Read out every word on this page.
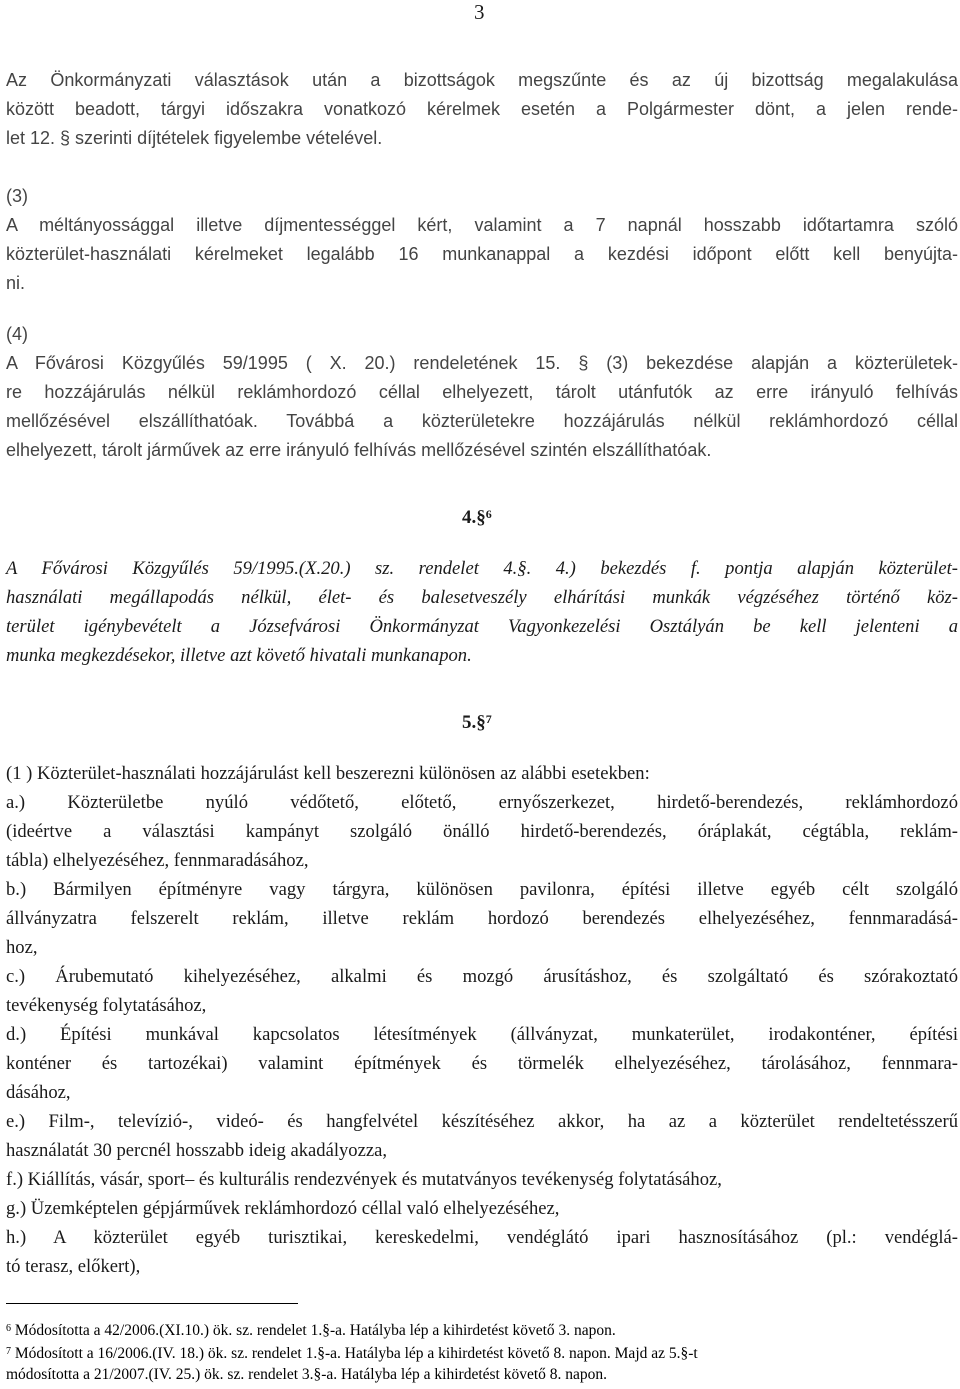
3
Az Önkormányzati választások után a bizottságok megszűnte és az új bizottság megalakulása
között beadott, tárgyi időszakra vonatkozó kérelmek esetén a Polgármester dönt, a jelen rende-
let 12. § szerinti díjtételek figyelembe vételével.
(3)
A méltányossággal illetve díjmentességgel kért, valamint a 7 napnál hosszabb időtartamra szóló
közterület-használati kérelmeket legalább 16 munkanappal a kezdési időpont előtt kell benyújta-
ni.
(4)
A Fővárosi Közgyűlés 59/1995 ( X. 20.) rendeletének 15. § (3) bekezdése alapján a közterületek-
re hozzájárulás nélkül reklámhordozó céllal elhelyezett, tárolt utánfutók az erre irányuló felhívás
mellőzésével elszállíthatóak. Továbbá a közterületekre hozzájárulás nélkül reklámhordozó céllal
elhelyezett, tárolt járművek az erre irányuló felhívás mellőzésével szintén elszállíthatóak.
4.§$^6$
A Fővárosi Közgyűlés 59/1995.(X.20.) sz. rendelet 4.§. 4.) bekezdés f. pontja alapján közterület-
használati megállapodás nélkül, élet- és balesetveszély elhárítási munkák végzéséhez történő köz-
terület igénybevételt a Józsefvárosi Önkormányzat Vagyonkezelési Osztályán be kell jelenteni a
munka megkezdésekor, illetve azt követő hivatali munkanapon.
5.§$^7$
(1 ) Közterület-használati hozzájárulást kell beszerezni különösen az alábbi esetekben:
a.) Közterületbe nyúló védőtető, előtető, ernyőszerkezet, hirdető-berendezés, reklámhordozó
(ideértve a választási kampányt szolgáló önálló hirdető-berendezés, óráplakát, cégtábla, reklám-
tábla) elhelyezéséhez, fennmaradásához,
b.) Bármilyen építményre vagy tárgyra, különösen pavilonra, építési illetve egyéb célt szolgáló
állványzatra felszerelt reklám, illetve reklám hordozó berendezés elhelyezéséhez, fennmaradásá-
hoz,
c.) Árubemutató kihelyezéséhez, alkalmi és mozgó árusításhoz, és szolgáltató és szórakoztató
tevékenység folytatásához,
d.) Építési munkával kapcsolatos létesítmények (állványzat, munkaterület, irodakonténer, építési
konténer és tartozékai) valamint építmények és törmelék elhelyezéséhez, tárolásához, fennmara-
dásához,
e.) Film-, televízió-, videó- és hangfelvétel készítéséhez akkor, ha az a közterület rendeltetésszerű
használatát 30 percnél hosszabb ideig akadályozza,
f.) Kiállítás, vásár, sport– és kulturális rendezvények és mutatványos tevékenység folytatásához,
g.) Üzemképtelen gépjárművek reklámhordozó céllal való elhelyezéséhez,
h.) A közterület egyéb turisztikai, kereskedelmi, vendéglátó ipari hasznosításához (pl.: vendéglá-
tó terasz, előkert),
$^6$ Módosította a 42/2006.(XI.10.) ök. sz. rendelet 1.§-a. Hatályba lép a kihirdetést követő 3. napon.
$^7$ Módosított a 16/2006.(IV. 18.) ök. sz. rendelet 1.§-a. Hatályba lép a kihirdetést követő 8. napon. Majd az 5.§-t
módosította a 21/2007.(IV. 25.) ök. sz. rendelet 3.§-a. Hatályba lép a kihirdetést követő 8. napon.
